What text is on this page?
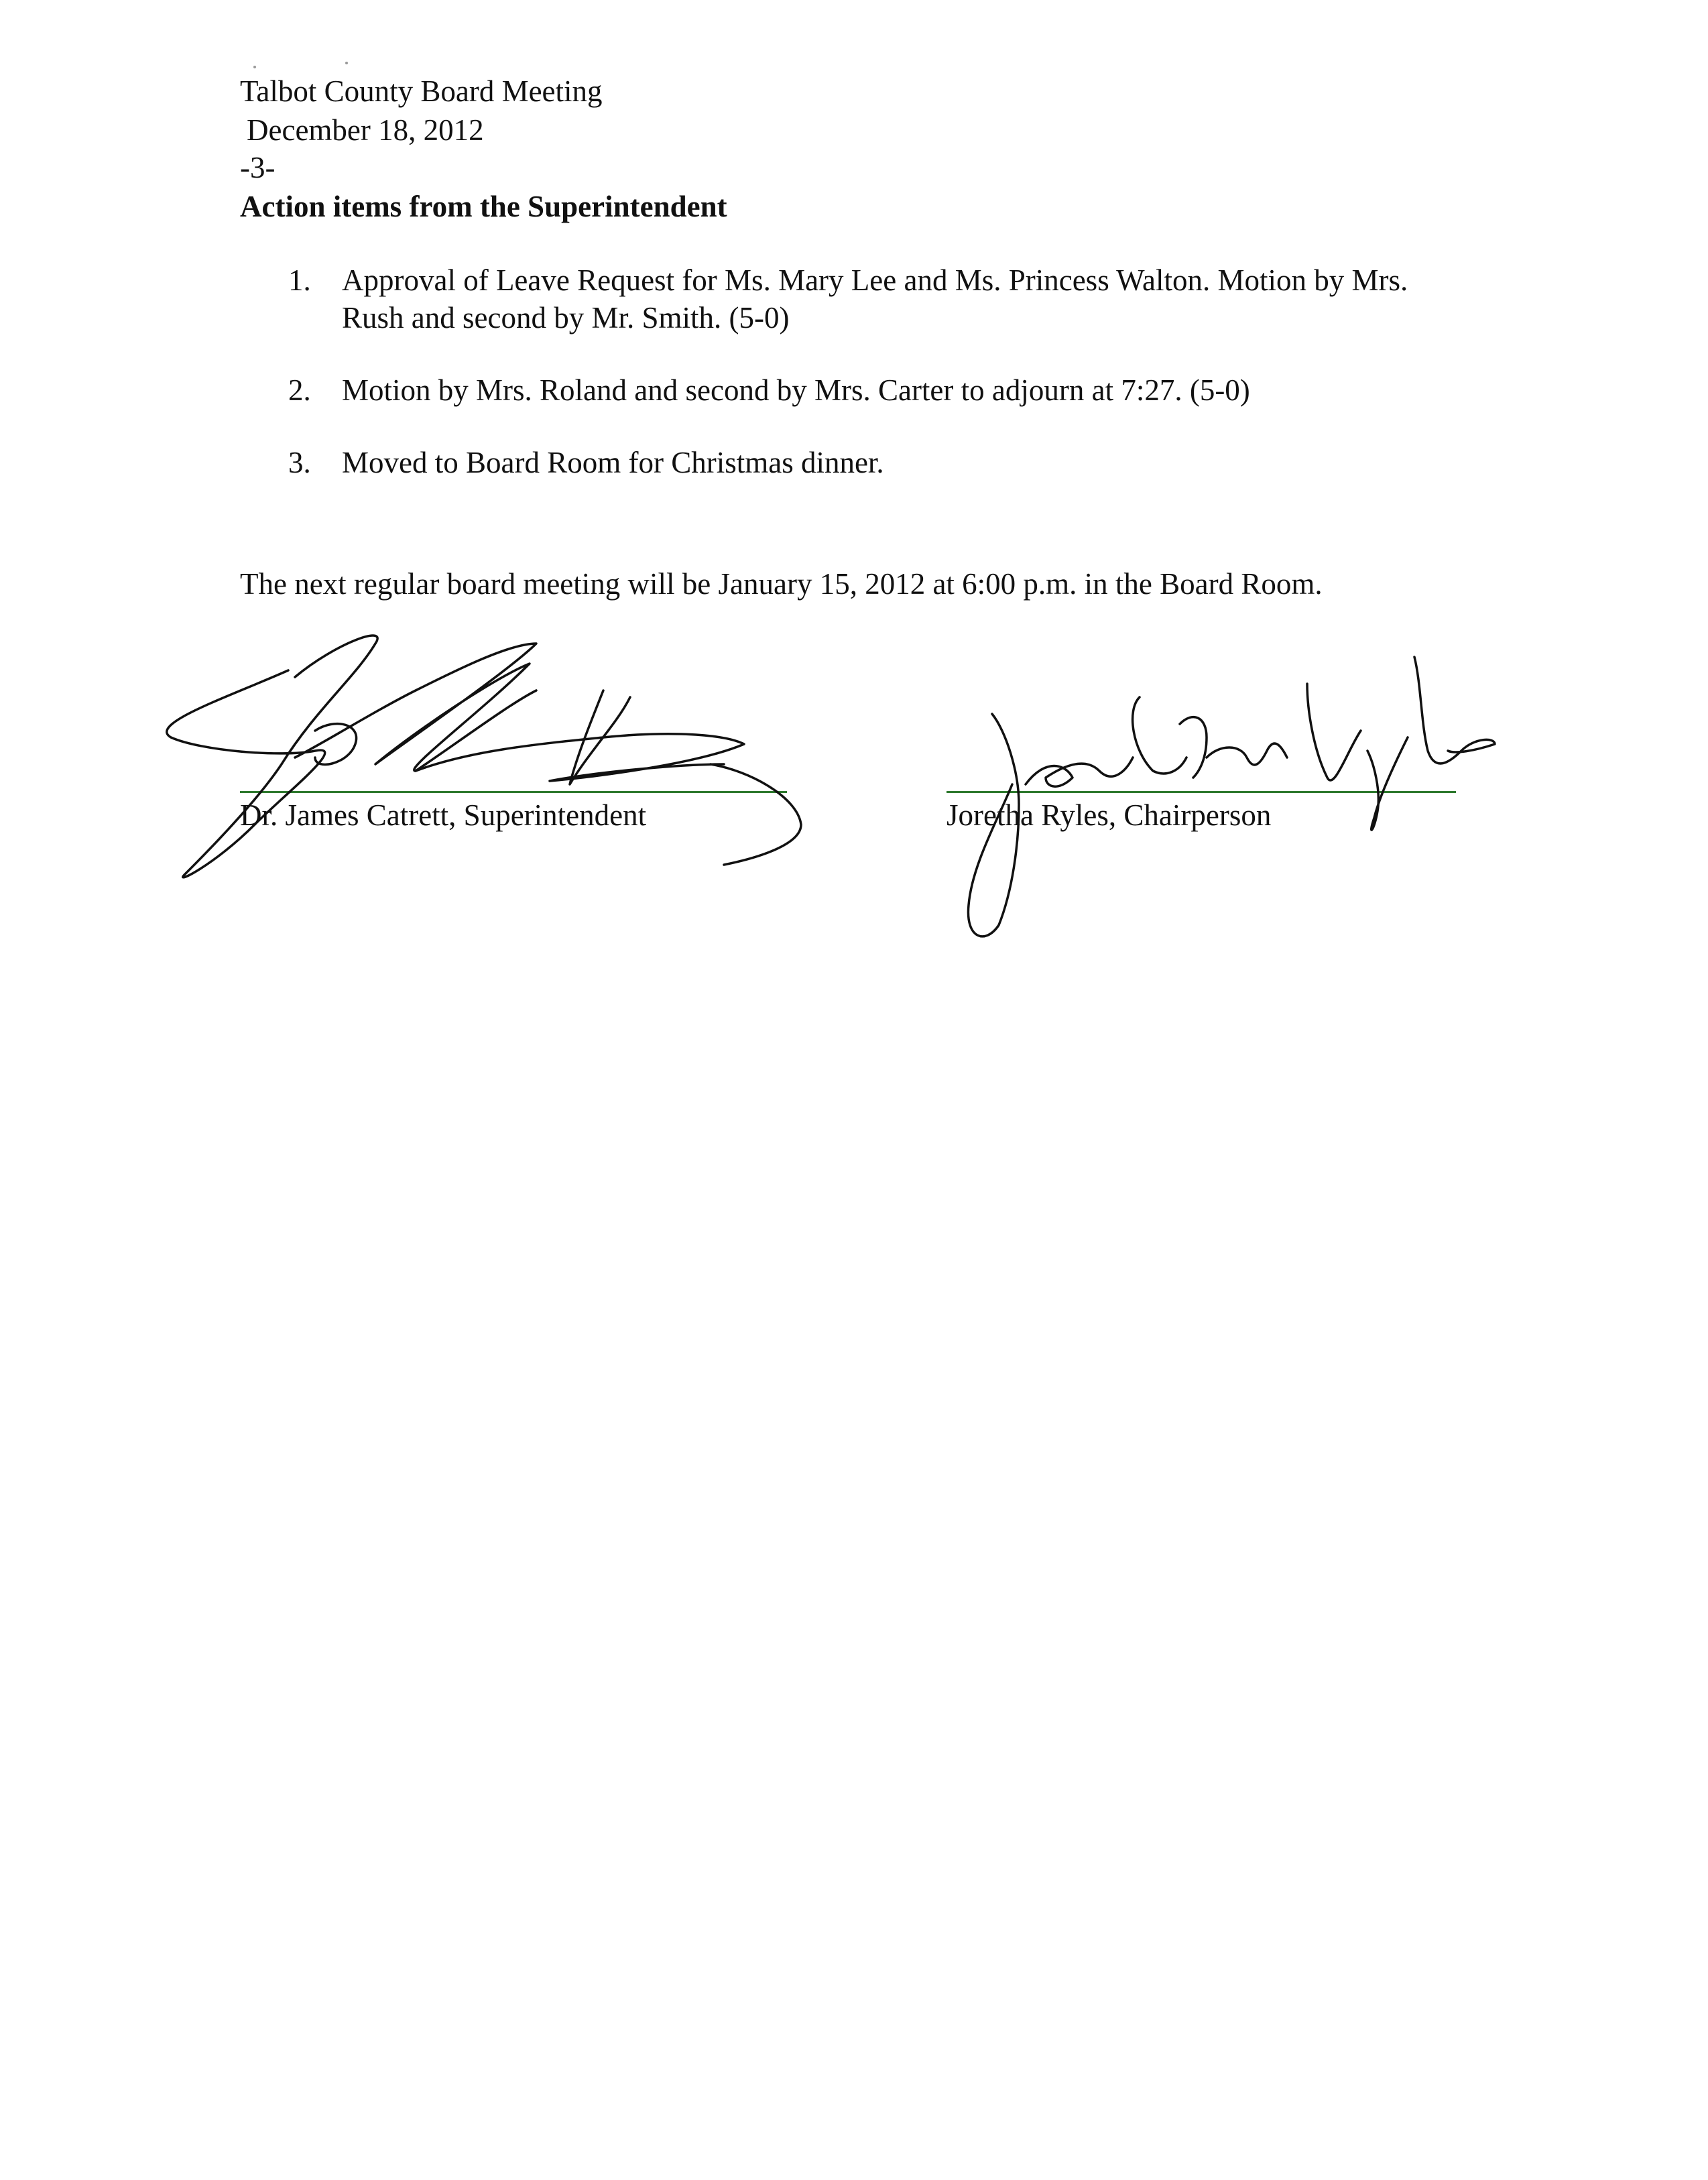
Talbot County Board Meeting
December 18, 2012
-3-
Action items from the Superintendent
1. Approval of Leave Request for Ms. Mary Lee and Ms. Princess Walton. Motion by Mrs. Rush and second by Mr. Smith. (5-0)
2. Motion by Mrs. Roland and second by Mrs. Carter to adjourn at 7:27. (5-0)
3. Moved to Board Room for Christmas dinner.
The next regular board meeting will be January 15, 2012 at 6:00 p.m. in the Board Room.
Dr. James Catrett, Superintendent	Joretha Ryles, Chairperson
